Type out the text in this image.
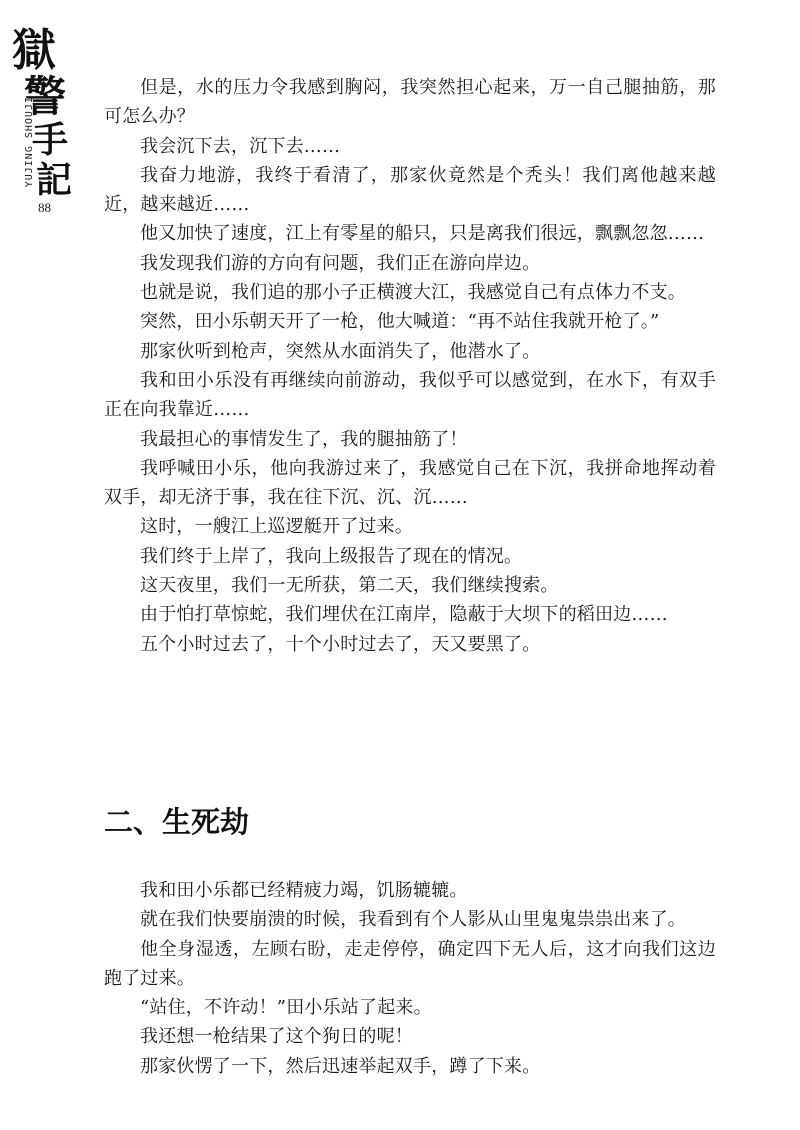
獄
警
手
記
YUJING SHOUJI
88

但是，水的压力令我感到胸闷，我突然担心起来，万一自己腿抽筋，那可怎么办？

我会沉下去，沉下去……

我奋力地游，我终于看清了，那家伙竟然是个秃头！我们离他越来越近，越来越近……

他又加快了速度，江上有零星的船只，只是离我们很远，飘飘忽忽……

我发现我们游的方向有问题，我们正在游向岸边。

也就是说，我们追的那小子正横渡大江，我感觉自己有点体力不支。

突然，田小乐朝天开了一枪，他大喊道：“再不站住我就开枪了。”

那家伙听到枪声，突然从水面消失了，他潜水了。

我和田小乐没有再继续向前游动，我似乎可以感觉到，在水下，有双手正在向我靠近……

我最担心的事情发生了，我的腿抽筋了！

我呼喊田小乐，他向我游过来了，我感觉自己在下沉，我拼命地挥动着双手，却无济于事，我在往下沉、沉、沉……

这时，一艘江上巡逻艇开了过来。

我们终于上岸了，我向上级报告了现在的情况。

这天夜里，我们一无所获，第二天，我们继续搜索。

由于怕打草惊蛇，我们埋伏在江南岸，隐蔽于大坝下的稻田边……

五个小时过去了，十个小时过去了，天又要黑了。

二、生死劫

我和田小乐都已经精疲力竭，饥肠辘辘。

就在我们快要崩溃的时候，我看到有个人影从山里鬼鬼祟祟出来了。

他全身湿透，左顾右盼，走走停停，确定四下无人后，这才向我们这边跑了过来。

“站住，不许动！”田小乐站了起来。

我还想一枪结果了这个狗日的呢！

那家伙愣了一下，然后迅速举起双手，蹲了下来。
